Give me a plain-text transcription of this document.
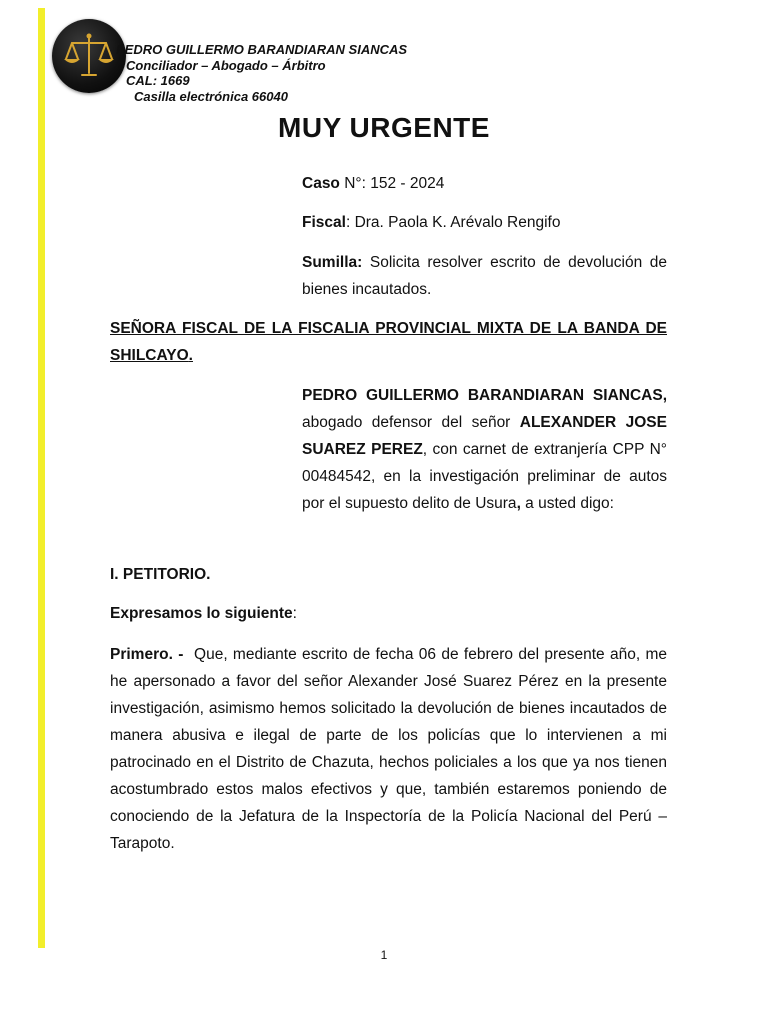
PEDRO GUILLERMO BARANDIARAN SIANCAS
Conciliador – Abogado – Árbitro
CAL: 1669
Casilla electrónica 66040
MUY URGENTE
Caso N°: 152 - 2024
Fiscal: Dra. Paola K. Arévalo Rengifo
Sumilla: Solicita resolver escrito de devolución de bienes incautados.
SEÑORA FISCAL DE LA FISCALIA PROVINCIAL MIXTA DE LA BANDA DE SHILCAYO.
PEDRO GUILLERMO BARANDIARAN SIANCAS, abogado defensor del señor ALEXANDER JOSE SUAREZ PEREZ, con carnet de extranjería CPP N° 00484542, en la investigación preliminar de autos por el supuesto delito de Usura, a usted digo:
I. PETITORIO.
Expresamos lo siguiente:
Primero. - Que, mediante escrito de fecha 06 de febrero del presente año, me he apersonado a favor del señor Alexander José Suarez Pérez en la presente investigación, asimismo hemos solicitado la devolución de bienes incautados de manera abusiva e ilegal de parte de los policías que lo intervienen a mi patrocinado en el Distrito de Chazuta, hechos policiales a los que ya nos tienen acostumbrado estos malos efectivos y que, también estaremos poniendo de conociendo de la Jefatura de la Inspectoría de la Policía Nacional del Perú – Tarapoto.
1
